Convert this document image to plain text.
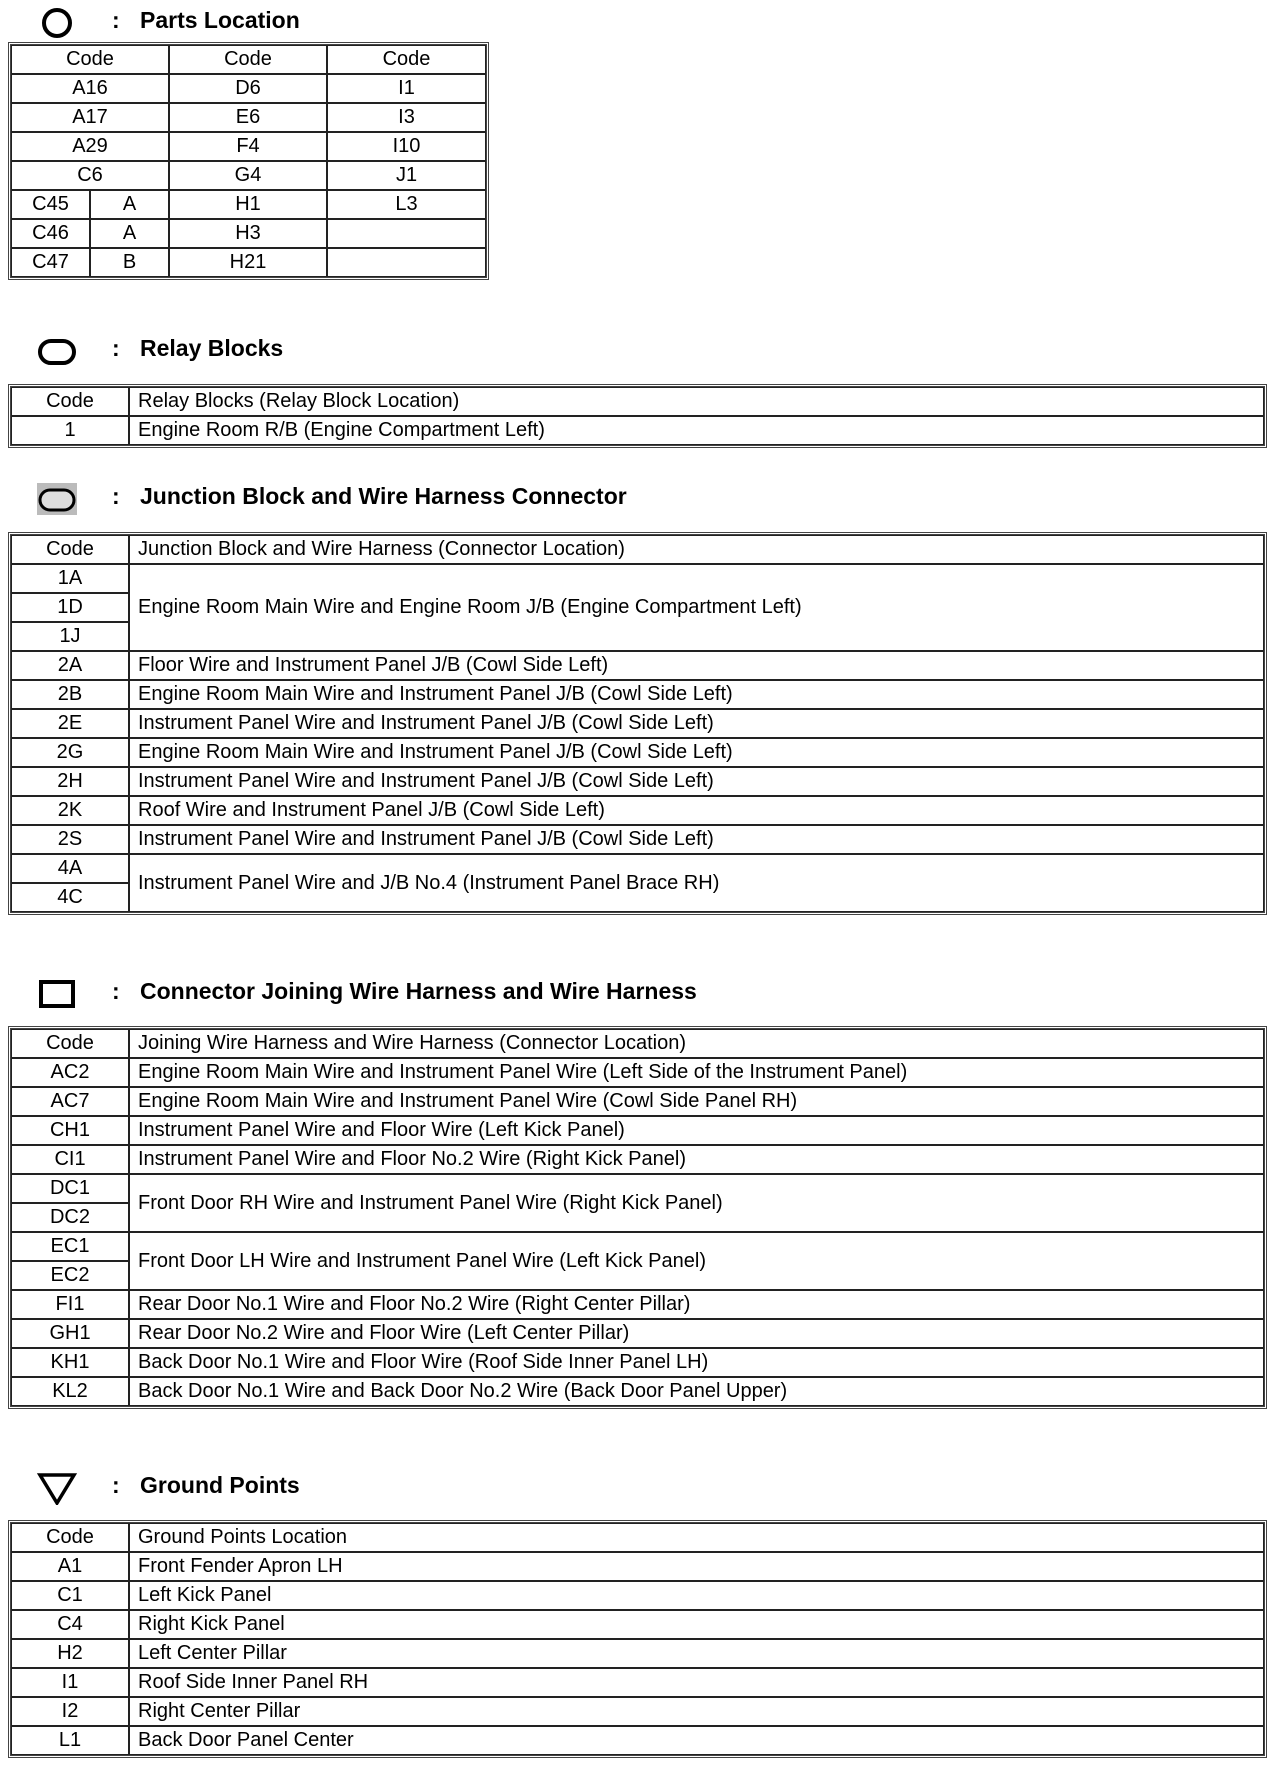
: Parts Location
Code		Code	Code
A16		D6	I1
A17		E6	I3
A29		F4	I10
C6		G4	J1
C45	A	H1	L3
C46	A	H3	
C47	B	H21	
: Relay Blocks
Code	Relay Blocks (Relay Block Location)
1	Engine Room R/B (Engine Compartment Left)
: Junction Block and Wire Harness Connector
Code	Junction Block and Wire Harness (Connector Location)
1A	Engine Room Main Wire and Engine Room J/B (Engine Compartment Left)
1D	
1J	
2A	Floor Wire and Instrument Panel J/B (Cowl Side Left)
2B	Engine Room Main Wire and Instrument Panel J/B (Cowl Side Left)
2E	Instrument Panel Wire and Instrument Panel J/B (Cowl Side Left)
2G	Engine Room Main Wire and Instrument Panel J/B (Cowl Side Left)
2H	Instrument Panel Wire and Instrument Panel J/B (Cowl Side Left)
2K	Roof Wire and Instrument Panel J/B (Cowl Side Left)
2S	Instrument Panel Wire and Instrument Panel J/B (Cowl Side Left)
4A	Instrument Panel Wire and J/B No.4 (Instrument Panel Brace RH)
4C	
: Connector Joining Wire Harness and Wire Harness
Code	Joining Wire Harness and Wire Harness (Connector Location)
AC2	Engine Room Main Wire and Instrument Panel Wire (Left Side of the Instrument Panel)
AC7	Engine Room Main Wire and Instrument Panel Wire (Cowl Side Panel RH)
CH1	Instrument Panel Wire and Floor Wire (Left Kick Panel)
CI1	Instrument Panel Wire and Floor No.2 Wire (Right Kick Panel)
DC1	Front Door RH Wire and Instrument Panel Wire (Right Kick Panel)
DC2	
EC1	Front Door LH Wire and Instrument Panel Wire (Left Kick Panel)
EC2	
FI1	Rear Door No.1 Wire and Floor No.2 Wire (Right Center Pillar)
GH1	Rear Door No.2 Wire and Floor Wire (Left Center Pillar)
KH1	Back Door No.1 Wire and Floor Wire (Roof Side Inner Panel LH)
KL2	Back Door No.1 Wire and Back Door No.2 Wire (Back Door Panel Upper)
: Ground Points
Code	Ground Points Location
A1	Front Fender Apron LH
C1	Left Kick Panel
C4	Right Kick Panel
H2	Left Center Pillar
I1	Roof Side Inner Panel RH
I2	Right Center Pillar
L1	Back Door Panel Center
